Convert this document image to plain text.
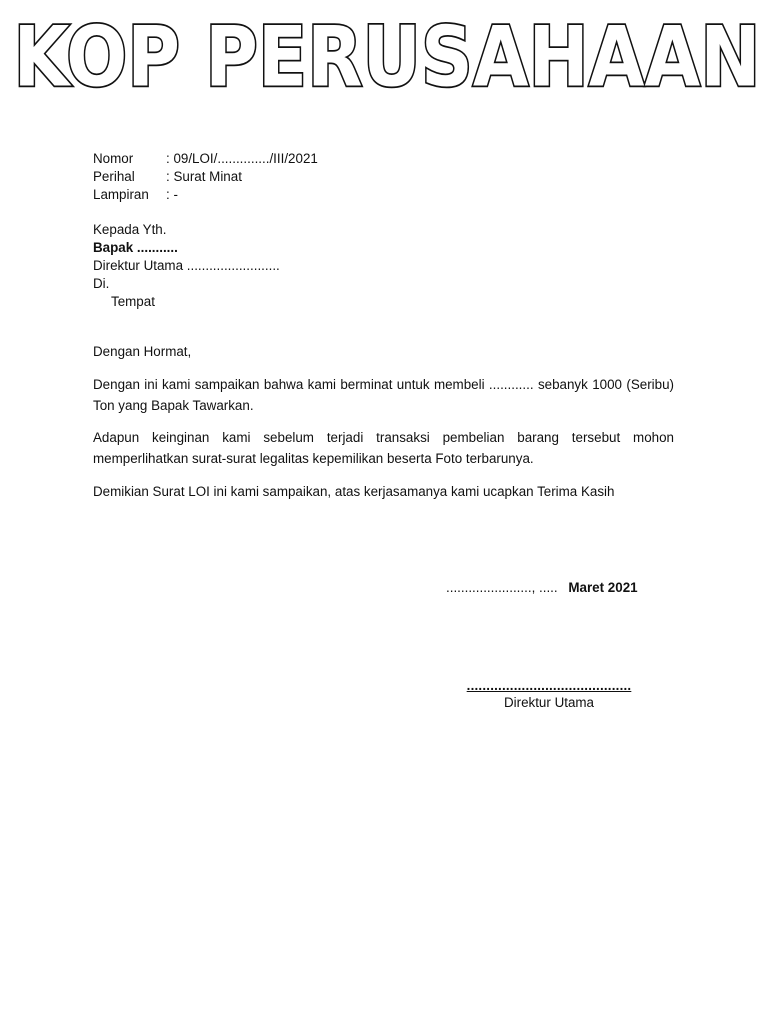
KOP PERUSAHAAN
Nomor	: 09/LOI/............../III/2021
Perihal	: Surat Minat
Lampiran	: -
Kepada Yth.
Bapak ...........
Direktur Utama .........................
Di.
Tempat
Dengan Hormat,

Dengan ini kami sampaikan bahwa kami berminat untuk membeli ............ sebanyk 1000 (Seribu) Ton yang Bapak Tawarkan.

Adapun keinginan kami sebelum terjadi transaksi pembelian barang tersebut mohon memperlihatkan surat-surat legalitas kepemilikan beserta Foto terbarunya.

Demikian Surat LOI ini kami sampaikan, atas kerjasamanya kami ucapkan Terima Kasih

......................., ..... Maret 2021
..........................................
Direktur Utama
